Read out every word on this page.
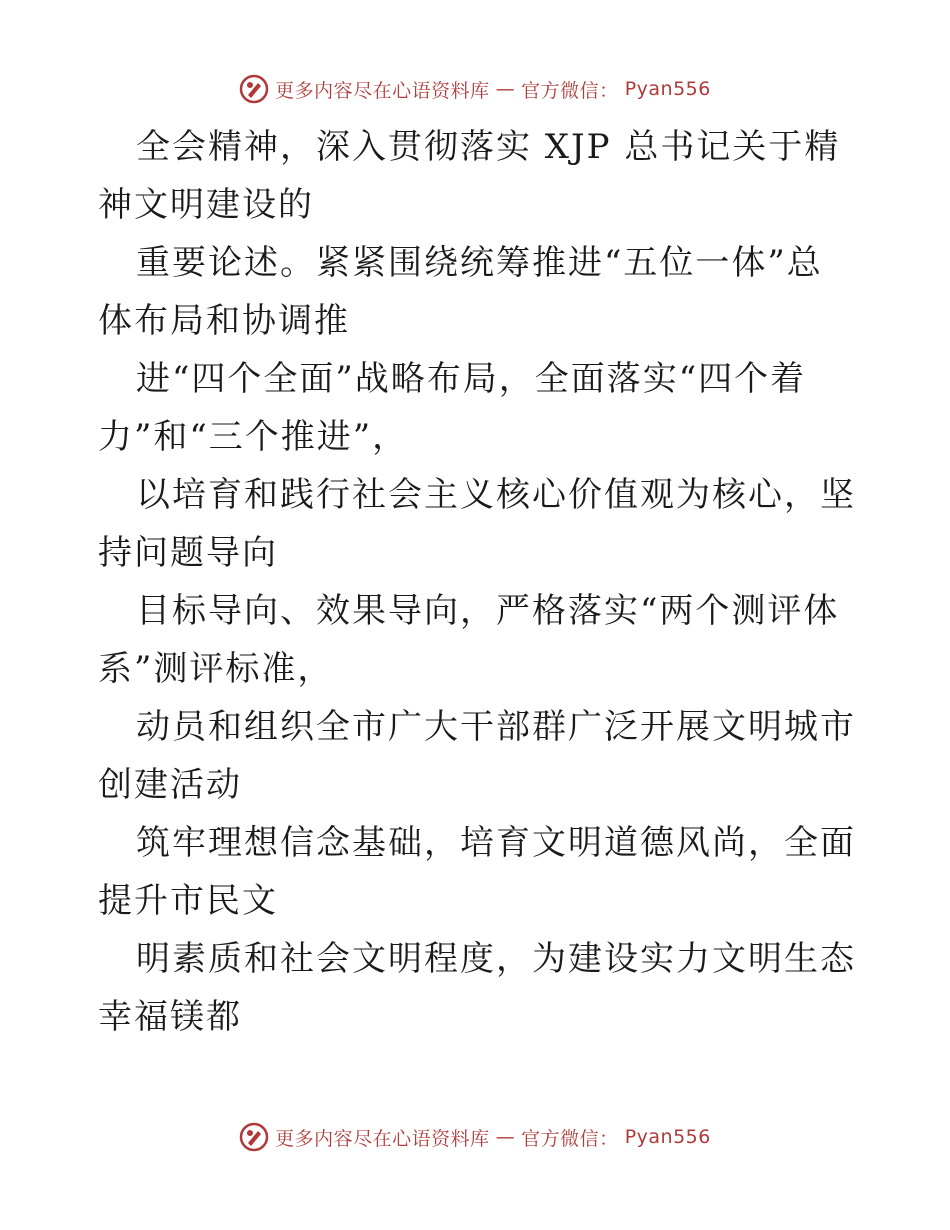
更多内容尽在心语资料库 — 官方微信： Pyan556

全会精神，深入贯彻落实 XJP 总书记关于精神文明建设的

重要论述。紧紧围绕统筹推进“五位一体”总体布局和协调推

进“四个全面”战略布局，全面落实“四个着力”和“三个推进”，

以培育和践行社会主义核心价值观为核心，坚持问题导向

目标导向、效果导向，严格落实“两个测评体系”测评标准，

动员和组织全市广大干部群广泛开展文明城市创建活动

筑牢理想信念基础，培育文明道德风尚，全面提升市民文

明素质和社会文明程度，为建设实力文明生态幸福镁都

更多内容尽在心语资料库 — 官方微信： Pyan556
